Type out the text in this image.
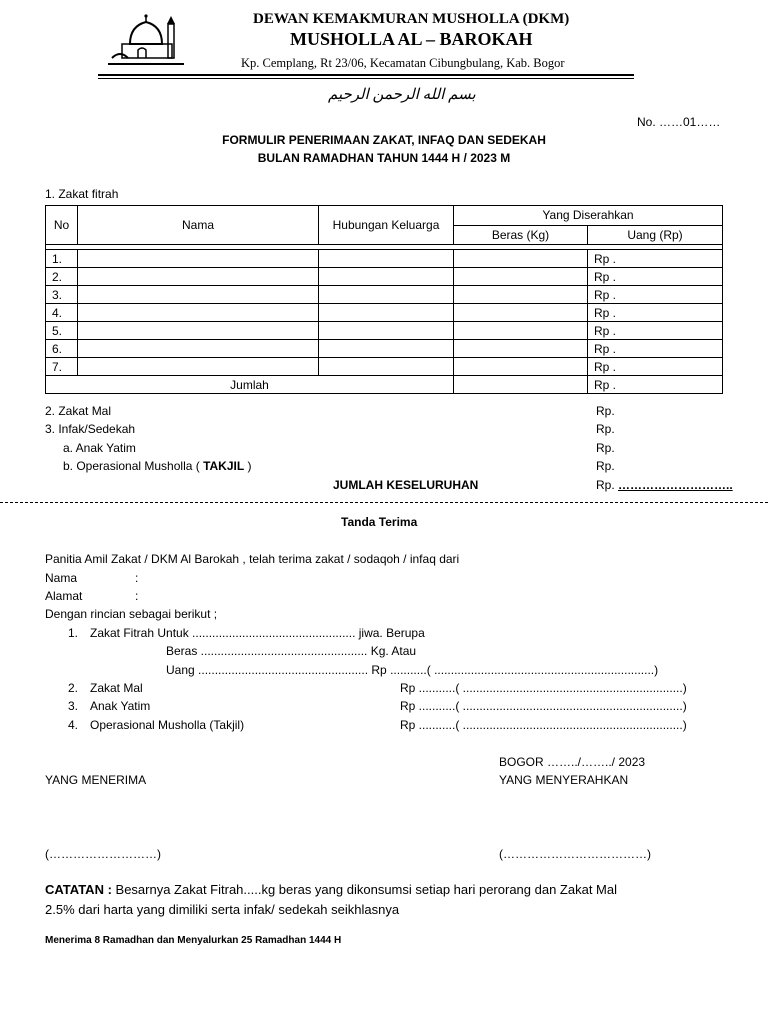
DEWAN KEMAKMURAN MUSHOLLA (DKM)
MUSHOLLA AL – BAROKAH
Kp. Cemplang, Rt 23/06, Kecamatan Cibungbulang, Kab. Bogor
بسم الله الرحمن الرحيم
No. ……01……
FORMULIR PENERIMAAN ZAKAT, INFAQ DAN SEDEKAH
BULAN RAMADHAN TAHUN 1444 H / 2023 M
1. Zakat fitrah
No	Nama	Hubungan Keluarga	Yang Diserahkan	
			Beras (Kg)	Uang (Rp)

1.				Rp .
2.				Rp .
3.				Rp .
4.				Rp .
5.				Rp .
6.				Rp .
7.				Rp .
Jumlah				Rp .
2. Zakat Mal	Rp.
3. Infak/Sedekah	Rp.
a. Anak Yatim	Rp.
b. Operasional Musholla ( TAKJIL )	Rp.
JUMLAH KESELURUHAN	Rp. ………………………..
Tanda Terima
Panitia Amil Zakat / DKM Al Barokah , telah terima zakat / sodaqoh / infaq dari
Nama	:
Alamat	:
Dengan rincian sebagai berikut ;
1. Zakat Fitrah Untuk ................................................. jiwa. Berupa
Beras .................................................. Kg. Atau
Uang ................................................... Rp ...........( ..................................................................)
2. Zakat Mal	Rp ...........( ..................................................................)
3. Anak Yatim	Rp ...........( ..................................................................)
4. Operasional Musholla (Takjil)	Rp ...........( ..................................................................)
BOGOR ……../……../ 2023
YANG MENERIMA	YANG MENYERAHKAN
(………………………)	(………………………………)
CATATAN : Besarnya Zakat Fitrah.....kg beras yang dikonsumsi setiap hari perorang dan Zakat Mal
2.5% dari harta yang dimiliki serta infak/ sedekah seikhlasnya
Menerima 8 Ramadhan dan Menyalurkan 25 Ramadhan 1444 H
